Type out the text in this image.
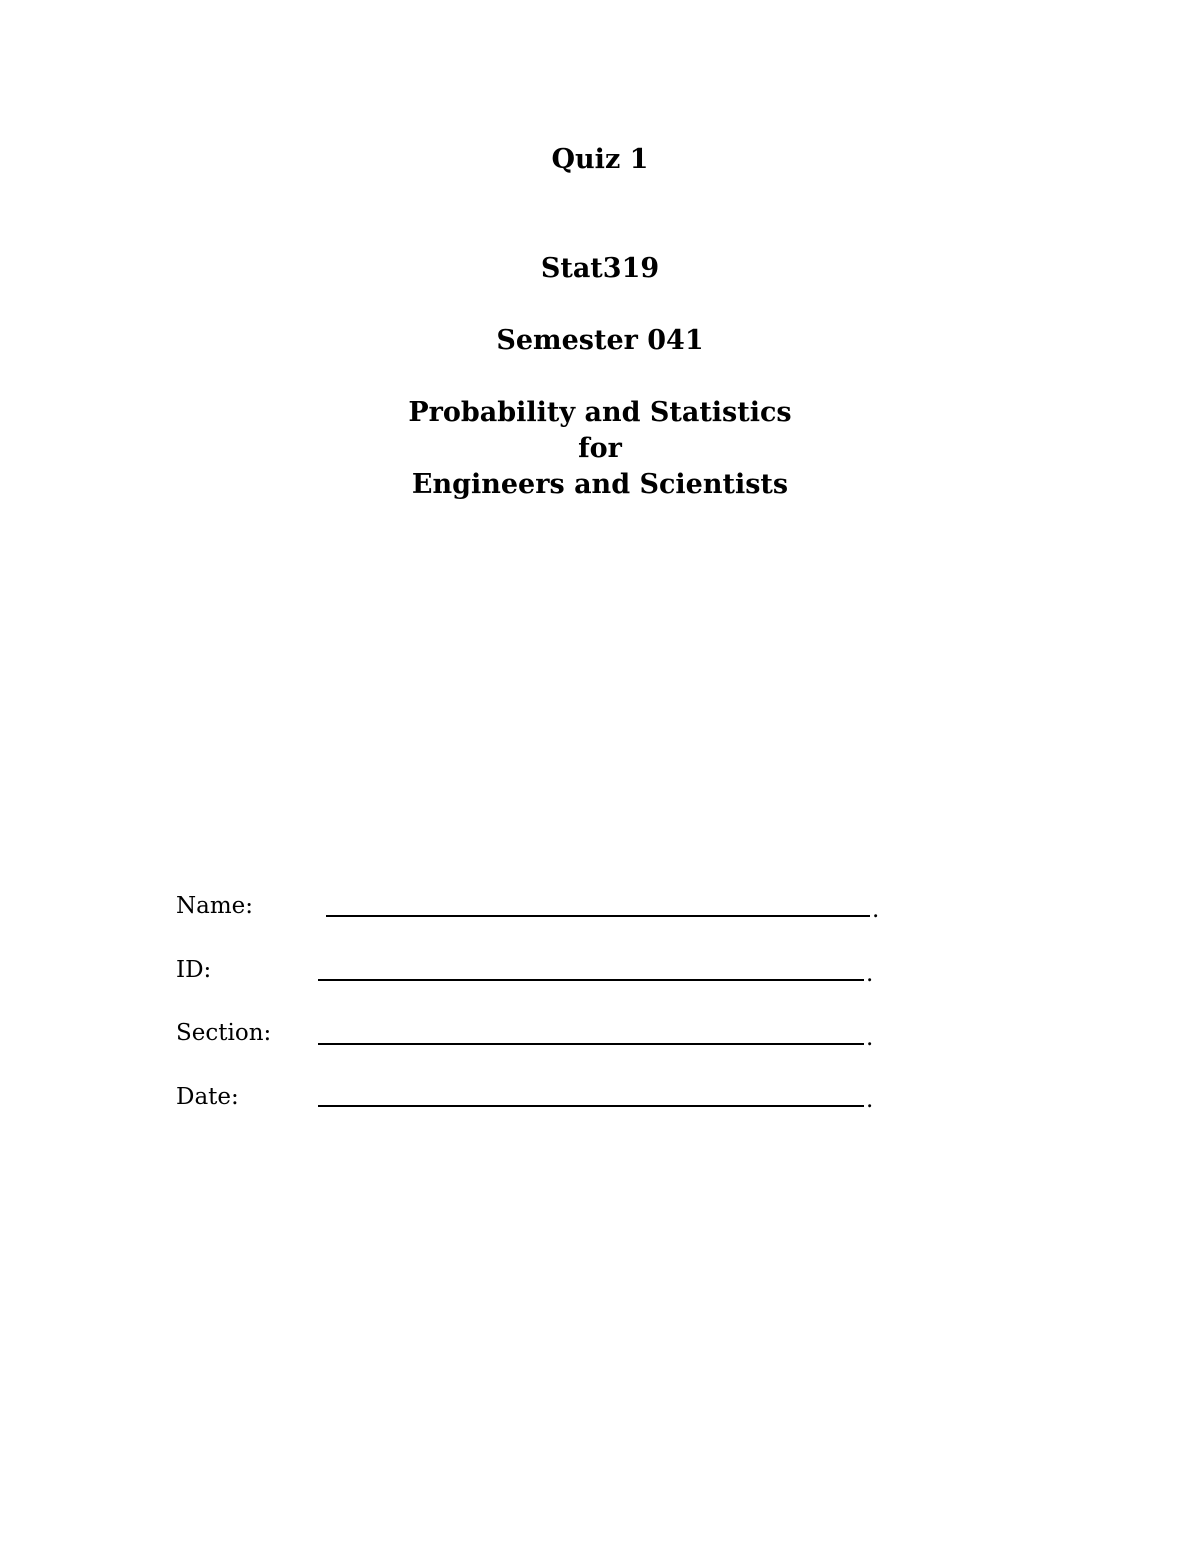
Quiz 1
Stat319
Semester 041
Probability and Statistics
for
Engineers and Scientists
Name:	.
ID:	.
Section:	.
Date:	.
